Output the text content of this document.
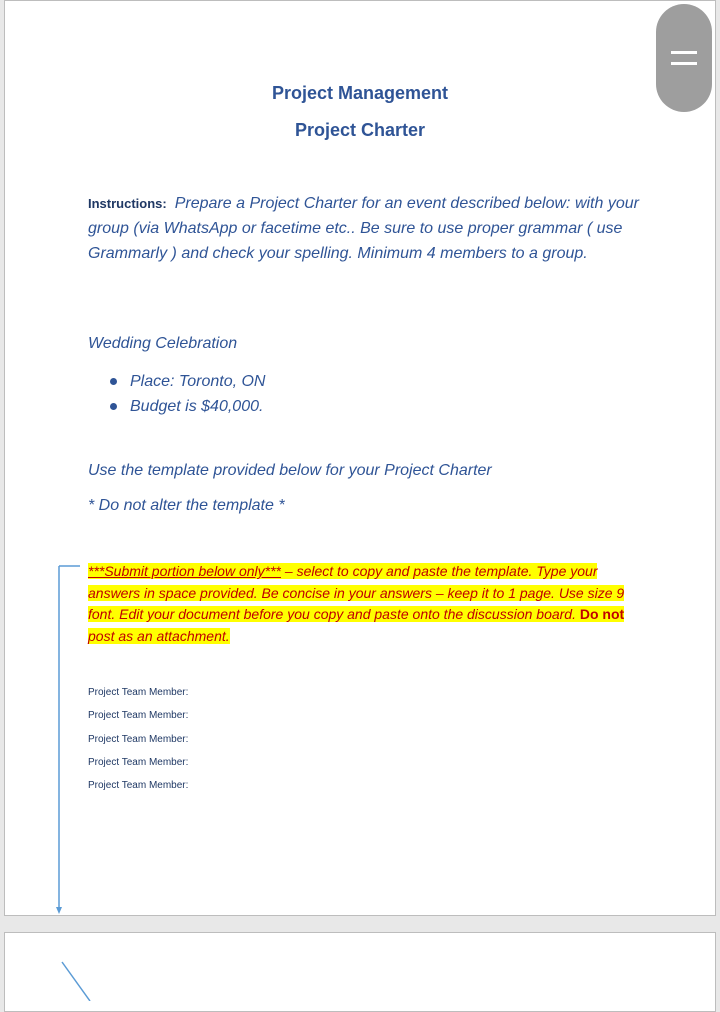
Project Management
Project Charter
Instructions: Prepare a Project Charter for an event described below: with your group (via WhatsApp or facetime etc.. Be sure to use proper grammar ( use Grammarly ) and check your spelling. Minimum 4 members to a group.
Wedding Celebration
Place: Toronto, ON
Budget is $40,000.
Use the template provided below for your Project Charter
* Do not alter the template *
***Submit portion below only*** – select to copy and paste the template. Type your answers in space provided. Be concise in your answers – keep it to 1 page. Use size 9 font. Edit your document before you copy and paste onto the discussion board. Do not post as an attachment.
Project Team Member:
Project Team Member:
Project Team Member:
Project Team Member:
Project Team Member:
